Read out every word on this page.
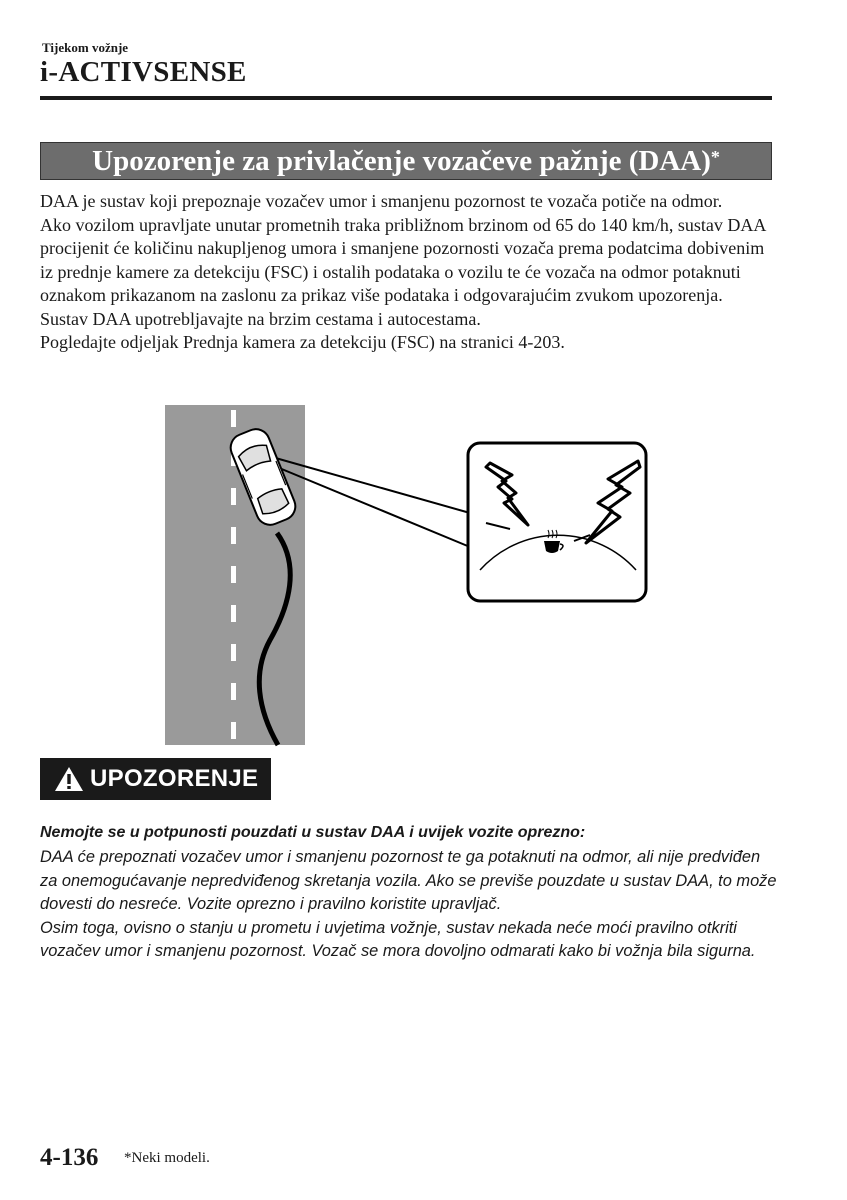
Tijekom vožnje
i-ACTIVSENSE
Upozorenje za privlačenje vozačeve pažnje (DAA)*

DAA je sustav koji prepoznaje vozačev umor i smanjenu pozornost te vozača potiče na odmor.

Ako vozilom upravljate unutar prometnih traka približnom brzinom od 65 do 140 km/h, sustav DAA procijenit će količinu nakupljenog umora i smanjene pozornosti vozača prema podatcima dobivenim iz prednje kamere za detekciju (FSC) i ostalih podataka o vozilu te će vozača na odmor potaknuti oznakom prikazanom na zaslonu za prikaz više podataka i odgovarajućim zvukom upozorenja.

Sustav DAA upotrebljavajte na brzim cestama i autocestama.

Pogledajte odjeljak Prednja kamera za detekciju (FSC) na stranici 4-203.

UPOZORENJE
Nemojte se u potpunosti pouzdati u sustav DAA i uvijek vozite oprezno:

DAA će prepoznati vozačev umor i smanjenu pozornost te ga potaknuti na odmor, ali nije predviđen za onemogućavanje nepredviđenog skretanja vozila. Ako se previše pouzdate u sustav DAA, to može dovesti do nesreće. Vozite oprezno i pravilno koristite upravljač.

Osim toga, ovisno o stanju u prometu i uvjetima vožnje, sustav nekada neće moći pravilno otkriti vozačev umor i smanjenu pozornost. Vozač se mora dovoljno odmarati kako bi vožnja bila sigurna.

4-136 *Neki modeli.
